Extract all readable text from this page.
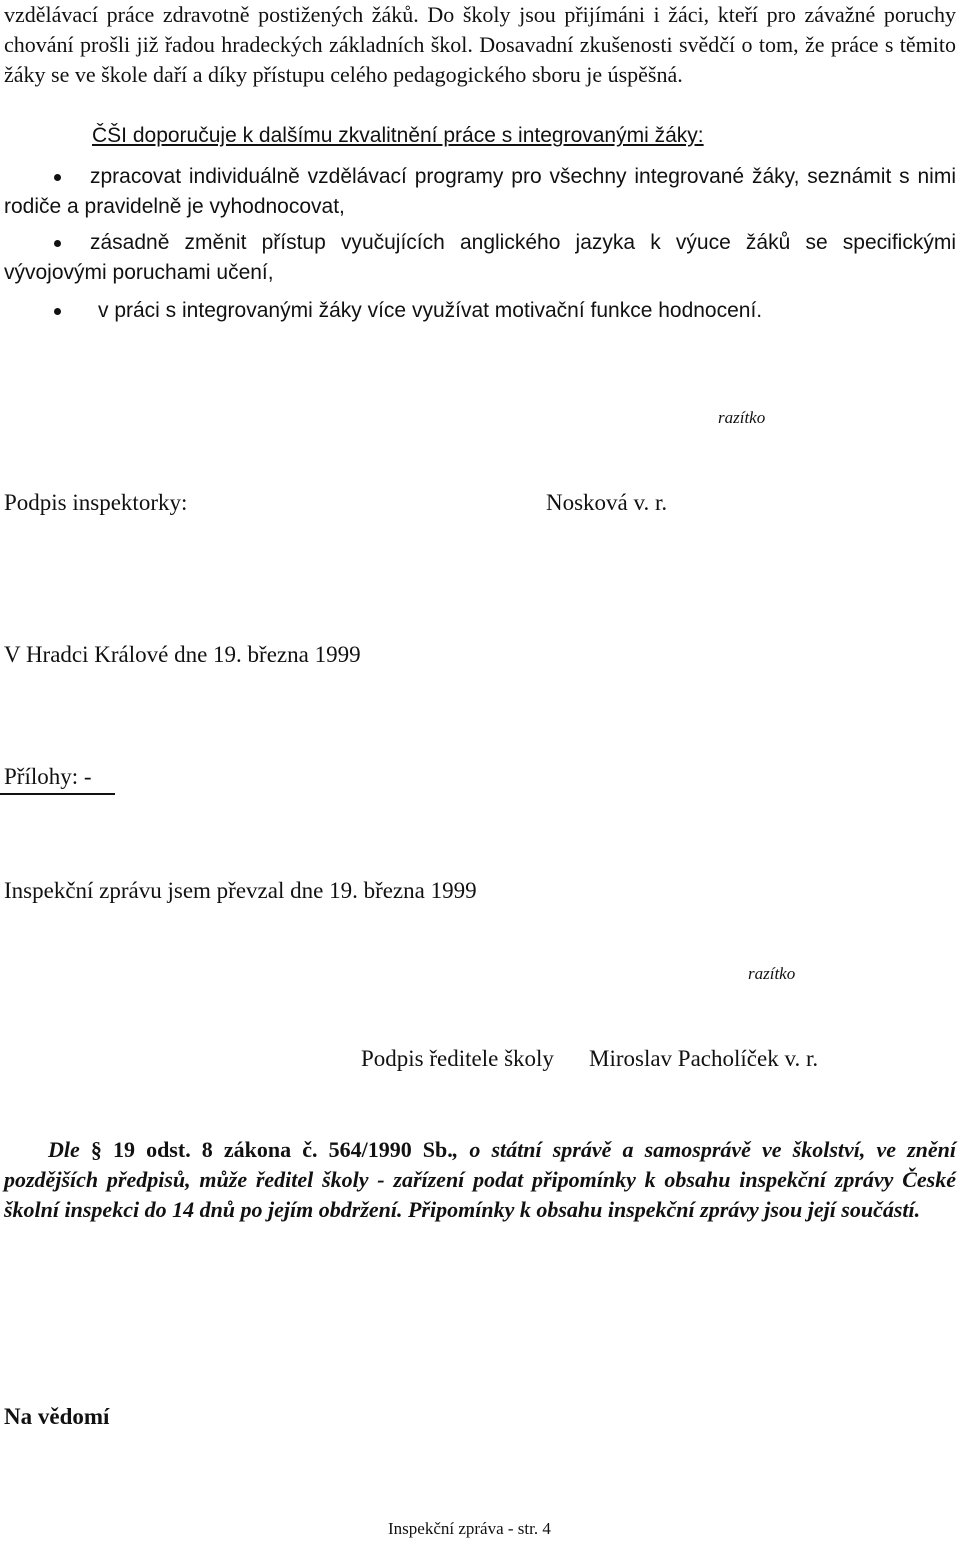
vzdělávací práce zdravotně postižených žáků. Do školy jsou přijímáni i žáci, kteří pro závažné poruchy chování prošli již řadou hradeckých základních škol. Dosavadní zkušenosti svědčí o tom, že práce s těmito žáky se ve škole daří a díky přístupu celého pedagogického sboru je úspěšná.
ČŠI doporučuje k dalšímu zkvalitnění práce s integrovanými žáky:
zpracovat individuálně vzdělávací programy pro všechny integrované žáky, seznámit s nimi rodiče a pravidelně je vyhodnocovat,
zásadně změnit přístup vyučujících anglického jazyka k výuce žáků se specifickými vývojovými poruchami učení,
v práci s integrovanými žáky více využívat motivační funkce hodnocení.
razítko
Podpis inspektorky:	Nosková v. r.
V Hradci Králové dne 19. března 1999
Přílohy: -
Inspekční zprávu jsem převzal dne 19. března 1999
razítko
Podpis ředitele školy Miroslav Pacholíček v. r.
Dle § 19 odst. 8 zákona č. 564/1990 Sb., o státní správě a samosprávě ve školství, ve znění pozdějších předpisů, může ředitel školy - zařízení podat připomínky k obsahu inspekční zprávy České školní inspekci do 14 dnů po jejím obdržení. Připomínky k obsahu inspekční zprávy jsou její součástí.
Na vědomí
Inspekční zpráva - str. 4
